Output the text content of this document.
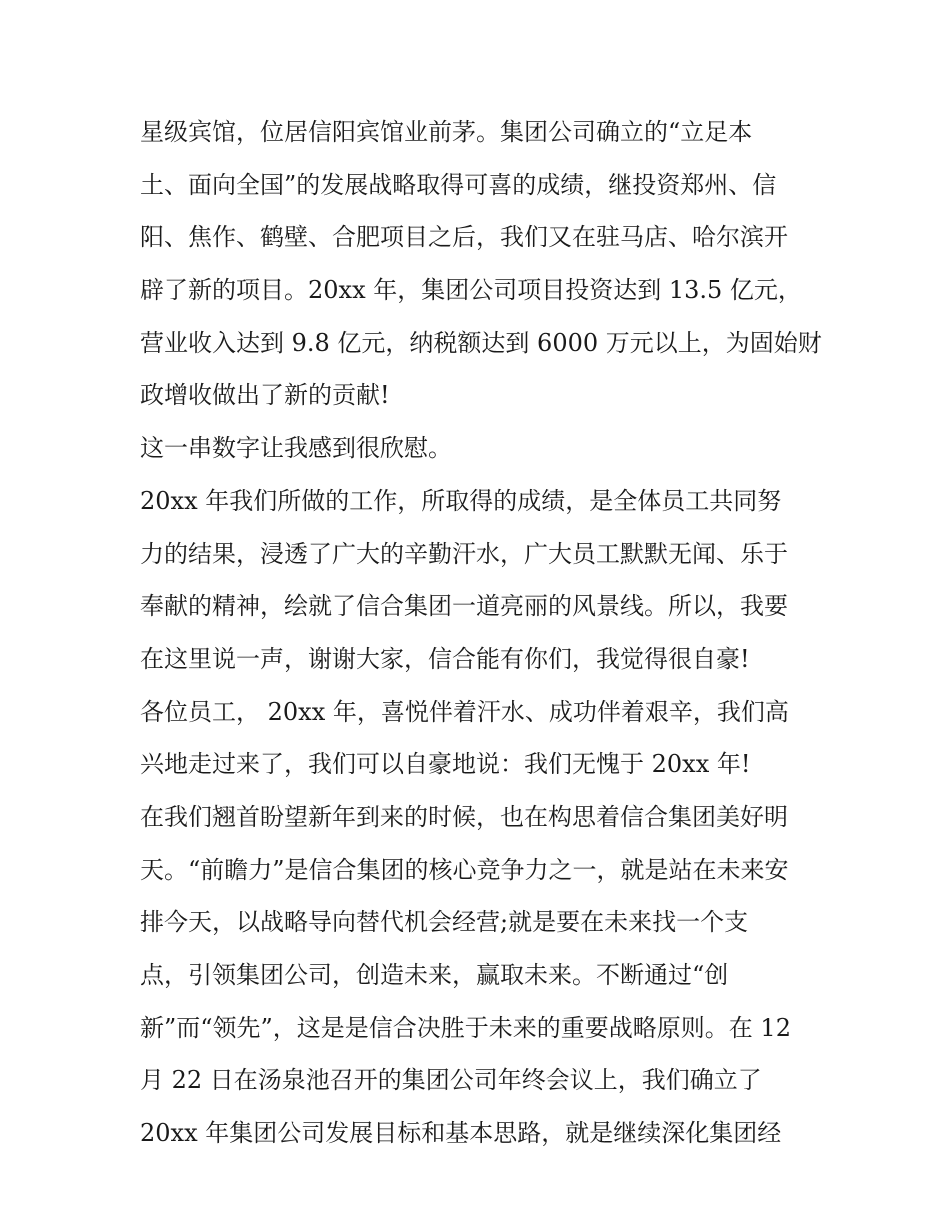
星级宾馆，位居信阳宾馆业前茅。集团公司确立的“立足本
土、面向全国”的发展战略取得可喜的成绩，继投资郑州、信
阳、焦作、鹤壁、合肥项目之后，我们又在驻马店、哈尔滨开
辟了新的项目。20xx 年，集团公司项目投资达到 13.5 亿元，
营业收入达到 9.8 亿元，纳税额达到 6000 万元以上，为固始财
政增收做出了新的贡献!
这一串数字让我感到很欣慰。
20xx 年我们所做的工作，所取得的成绩，是全体员工共同努
力的结果，浸透了广大的辛勤汗水，广大员工默默无闻、乐于
奉献的精神，绘就了信合集团一道亮丽的风景线。所以，我要
在这里说一声，谢谢大家，信合能有你们，我觉得很自豪!
各位员工， 20xx 年，喜悦伴着汗水、成功伴着艰辛，我们高
兴地走过来了，我们可以自豪地说：我们无愧于 20xx 年!
在我们翘首盼望新年到来的时候，也在构思着信合集团美好明
天。“前瞻力”是信合集团的核心竞争力之一，就是站在未来安
排今天，以战略导向替代机会经营;就是要在未来找一个支
点，引领集团公司，创造未来，赢取未来。不断通过“创
新”而“领先”，这是是信合决胜于未来的重要战略原则。在 12
月 22 日在汤泉池召开的集团公司年终会议上，我们确立了
20xx 年集团公司发展目标和基本思路，就是继续深化集团经
